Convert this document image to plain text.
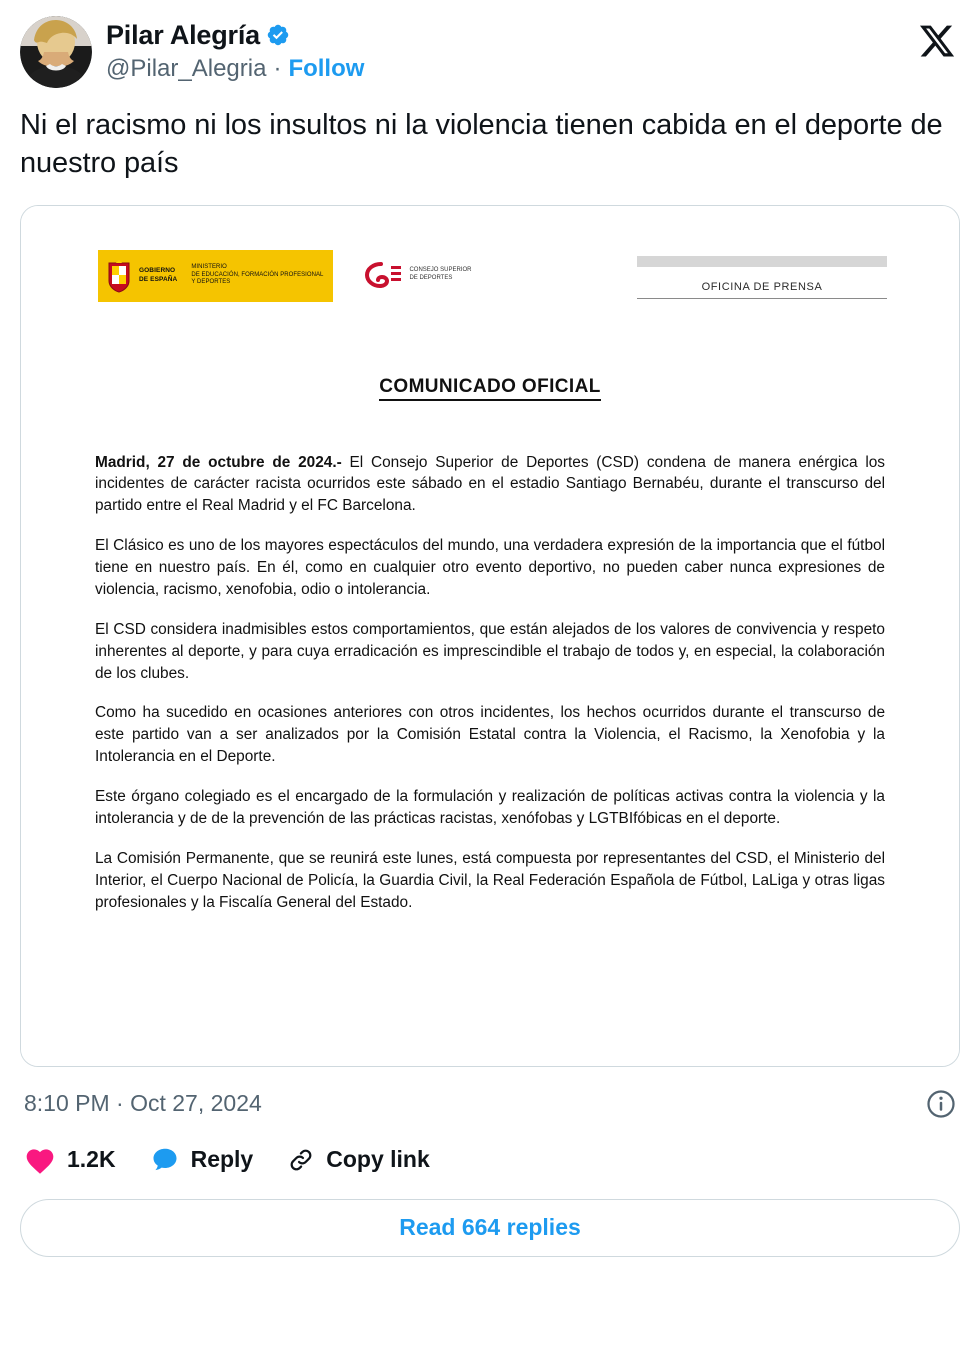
Pilar Alegría
@Pilar_Alegria · Follow
Ni el racismo ni los insultos ni la violencia tienen cabida en el deporte de nuestro país
GOBIERNO
DE ESPAÑA
MINISTERIO
DE EDUCACIÓN, FORMACIÓN PROFESIONAL
Y DEPORTES
CONSEJO SUPERIOR
DE DEPORTES
OFICINA DE PRENSA
COMUNICADO OFICIAL

Madrid, 27 de octubre de 2024.- El Consejo Superior de Deportes (CSD) condena de manera enérgica los incidentes de carácter racista ocurridos este sábado en el estadio Santiago Bernabéu, durante el transcurso del partido entre el Real Madrid y el FC Barcelona.

El Clásico es uno de los mayores espectáculos del mundo, una verdadera expresión de la importancia que el fútbol tiene en nuestro país. En él, como en cualquier otro evento deportivo, no pueden caber nunca expresiones de violencia, racismo, xenofobia, odio o intolerancia.

El CSD considera inadmisibles estos comportamientos, que están alejados de los valores de convivencia y respeto inherentes al deporte, y para cuya erradicación es imprescindible el trabajo de todos y, en especial, la colaboración de los clubes.

Como ha sucedido en ocasiones anteriores con otros incidentes, los hechos ocurridos durante el transcurso de este partido van a ser analizados por la Comisión Estatal contra la Violencia, el Racismo, la Xenofobia y la Intolerancia en el Deporte.

Este órgano colegiado es el encargado de la formulación y realización de políticas activas contra la violencia y la intolerancia y de de la prevención de las prácticas racistas, xenófobas y LGTBIfóbicas en el deporte.

La Comisión Permanente, que se reunirá este lunes, está compuesta por representantes del CSD, el Ministerio del Interior, el Cuerpo Nacional de Policía, la Guardia Civil, la Real Federación Española de Fútbol, LaLiga y otras ligas profesionales y la Fiscalía General del Estado.

8:10 PM · Oct 27, 2024
1.2K	Reply	Copy link
Read 664 replies
